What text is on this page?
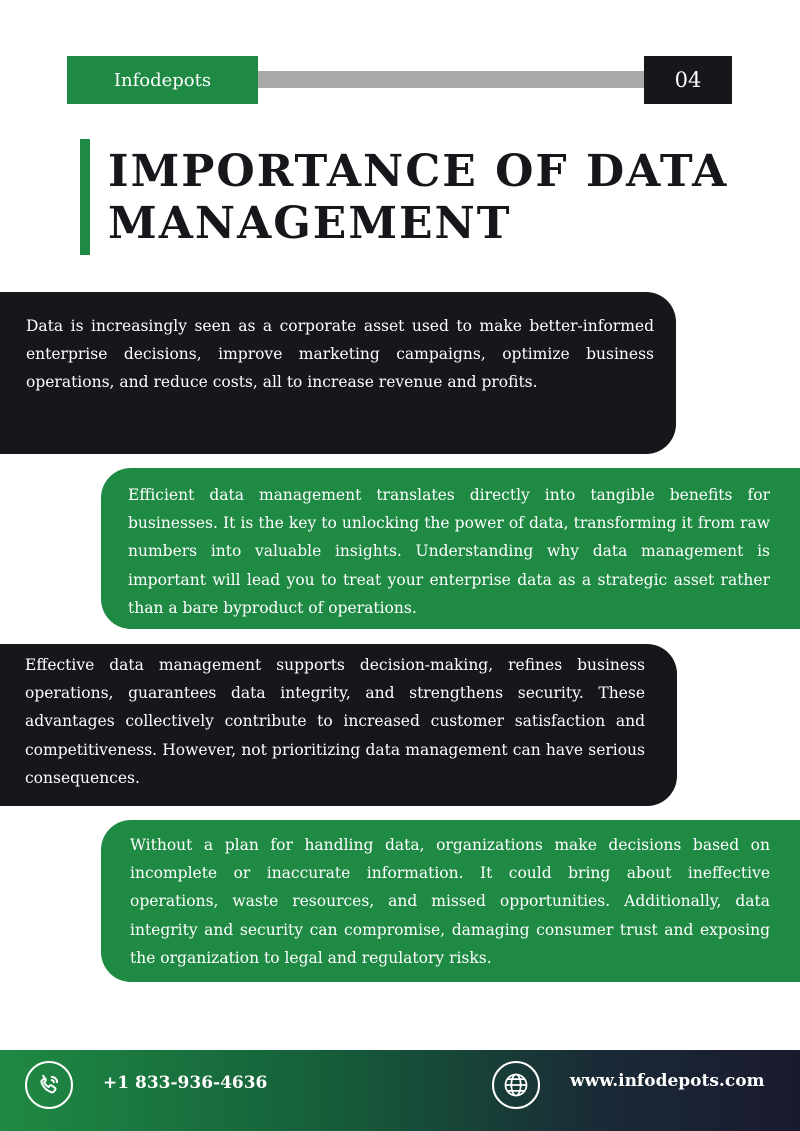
Infodepots	04
IMPORTANCE OF DATA MANAGEMENT
Data is increasingly seen as a corporate asset used to make better-informed enterprise decisions, improve marketing campaigns, optimize business operations, and reduce costs, all to increase revenue and profits.
Efficient data management translates directly into tangible benefits for businesses. It is the key to unlocking the power of data, transforming it from raw numbers into valuable insights. Understanding why data management is important will lead you to treat your enterprise data as a strategic asset rather than a bare byproduct of operations.
Effective data management supports decision-making, refines business operations, guarantees data integrity, and strengthens security. These advantages collectively contribute to increased customer satisfaction and competitiveness. However, not prioritizing data management can have serious consequences.
Without a plan for handling data, organizations make decisions based on incomplete or inaccurate information. It could bring about ineffective operations, waste resources, and missed opportunities. Additionally, data integrity and security can compromise, damaging consumer trust and exposing the organization to legal and regulatory risks.
+1 833-936-4636	www.infodepots.com
